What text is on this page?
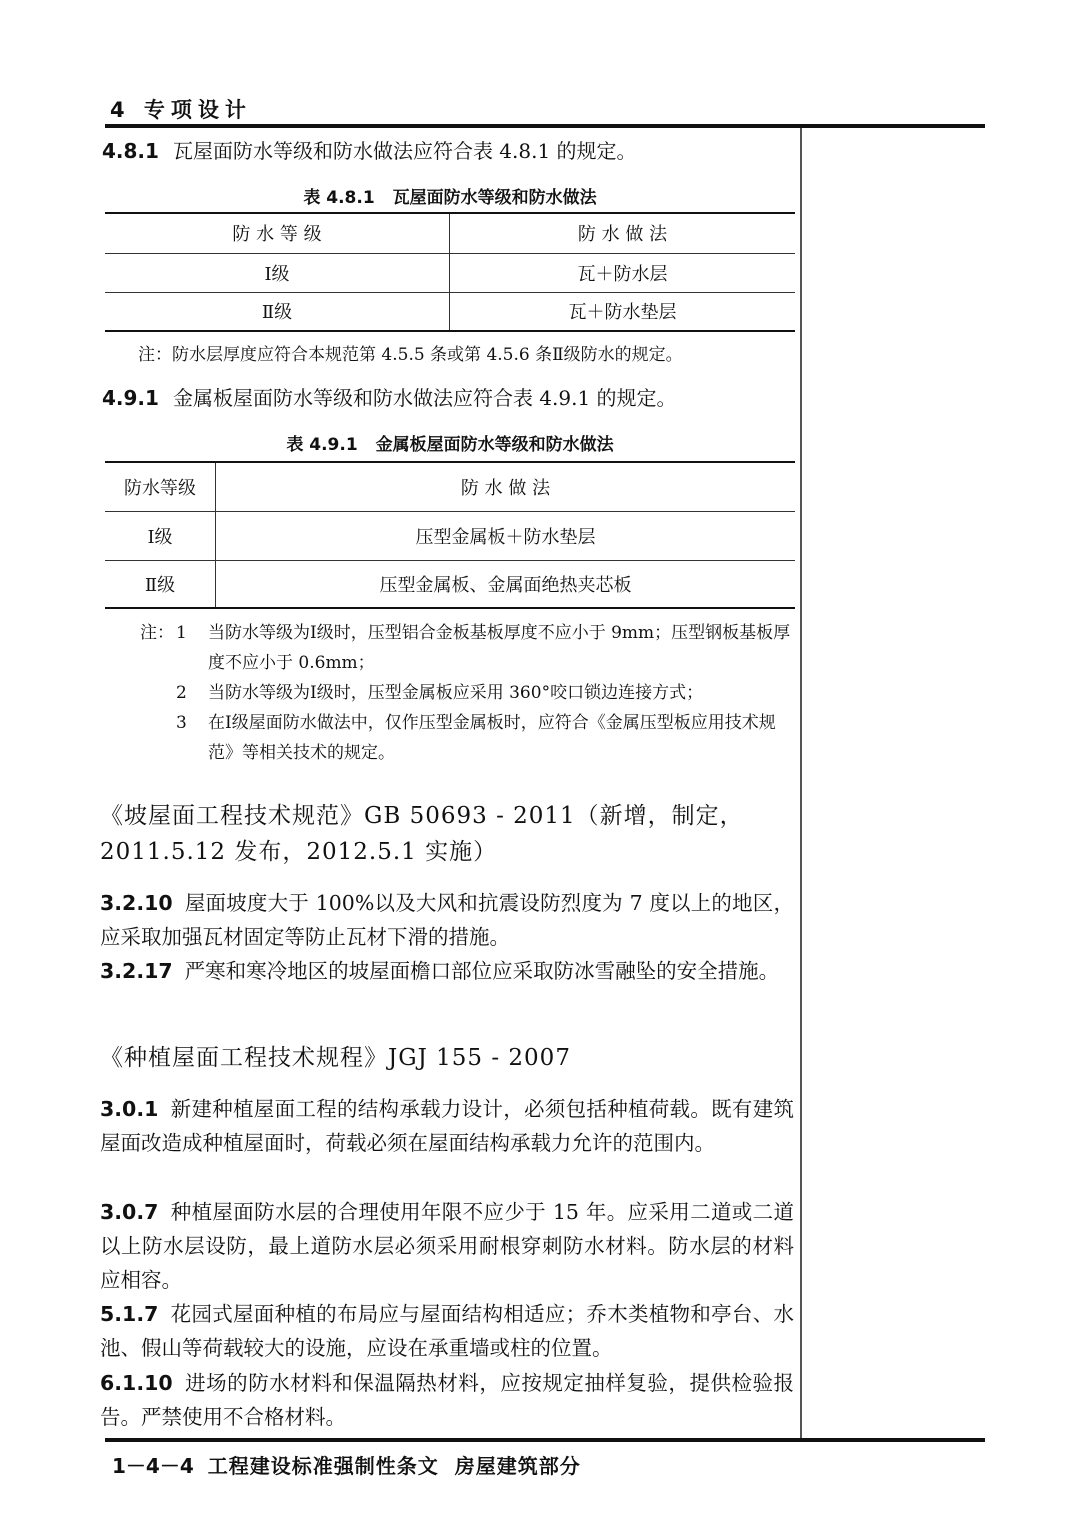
4 专项设计
4.8.1 瓦屋面防水等级和防水做法应符合表 4.8.1 的规定。
表 4.8.1 瓦屋面防水等级和防水做法
防 水 等 级	防 水 做 法
Ⅰ级	瓦＋防水层
Ⅱ级	瓦＋防水垫层
注：防水层厚度应符合本规范第 4.5.5 条或第 4.5.6 条Ⅱ级防水的规定。
4.9.1 金属板屋面防水等级和防水做法应符合表 4.9.1 的规定。
表 4.9.1 金属板屋面防水等级和防水做法
防水等级	防 水 做 法
Ⅰ级	压型金属板＋防水垫层
Ⅱ级	压型金属板、金属面绝热夹芯板
注： 1 当防水等级为Ⅰ级时，压型铝合金板基板厚度不应小于 9mm；压型钢板基板厚度不应小于 0.6mm；
2 当防水等级为Ⅰ级时，压型金属板应采用 360°咬口锁边连接方式；
3 在Ⅰ级屋面防水做法中，仅作压型金属板时，应符合《金属压型板应用技术规范》等相关技术的规定。
《坡屋面工程技术规范》GB 50693 - 2011（新增，制定，2011.5.12 发布，2012.5.1 实施）
3.2.10 屋面坡度大于 100%以及大风和抗震设防烈度为 7 度以上的地区，应采取加强瓦材固定等防止瓦材下滑的措施。
3.2.17 严寒和寒冷地区的坡屋面檐口部位应采取防冰雪融坠的安全措施。
《种植屋面工程技术规程》JGJ 155 - 2007
3.0.1 新建种植屋面工程的结构承载力设计，必须包括种植荷载。既有建筑屋面改造成种植屋面时，荷载必须在屋面结构承载力允许的范围内。
3.0.7 种植屋面防水层的合理使用年限不应少于 15 年。应采用二道或二道以上防水层设防，最上道防水层必须采用耐根穿刺防水材料。防水层的材料应相容。
5.1.7 花园式屋面种植的布局应与屋面结构相适应；乔木类植物和亭台、水池、假山等荷载较大的设施，应设在承重墙或柱的位置。
6.1.10 进场的防水材料和保温隔热材料，应按规定抽样复验，提供检验报告。严禁使用不合格材料。
1－4－4 工程建设标准强制性条文 房屋建筑部分
